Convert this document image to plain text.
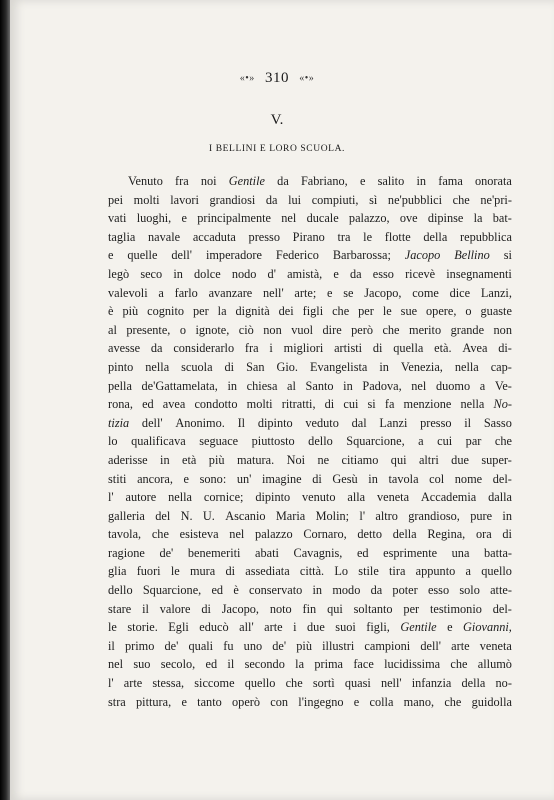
«•» 310 «•»
V.
I BELLINI E LORO SCUOLA.
Venuto fra noi Gentile da Fabriano, e salito in fama onorata
pei molti lavori grandiosi da lui compiuti, sì ne'pubblici che ne'pri-
vati luoghi, e principalmente nel ducale palazzo, ove dipinse la bat-
taglia navale accaduta presso Pirano tra le flotte della repubblica
e quelle dell' imperadore Federico Barbarossa; Jacopo Bellino si
legò seco in dolce nodo d' amistà, e da esso ricevè insegnamenti
valevoli a farlo avanzare nell' arte; e se Jacopo, come dice Lanzi,
è più cognito per la dignità dei figli che per le sue opere, o guaste
al presente, o ignote, ciò non vuol dire però che merito grande non
avesse da considerarlo fra i migliori artisti di quella età. Avea di-
pinto nella scuola di San Gio. Evangelista in Venezia, nella cap-
pella de'Gattamelata, in chiesa al Santo in Padova, nel duomo a Ve-
rona, ed avea condotto molti ritratti, di cui si fa menzione nella No-
tizia dell' Anonimo. Il dipinto veduto dal Lanzi presso il Sasso
lo qualificava seguace piuttosto dello Squarcione, a cui par che
aderisse in età più matura. Noi ne citiamo qui altri due super-
stiti ancora, e sono: un' imagine di Gesù in tavola col nome del-
l' autore nella cornice; dipinto venuto alla veneta Accademia dalla
galleria del N. U. Ascanio Maria Molin; l' altro grandioso, pure in
tavola, che esisteva nel palazzo Cornaro, detto della Regina, ora di
ragione de' benemeriti abati Cavagnis, ed esprimente una batta-
glia fuori le mura di assediata città. Lo stile tira appunto a quello
dello Squarcione, ed è conservato in modo da poter esso solo atte-
stare il valore di Jacopo, noto fin qui soltanto per testimonio del-
le storie. Egli educò all' arte i due suoi figli, Gentile e Giovanni,
il primo de' quali fu uno de' più illustri campioni dell' arte veneta
nel suo secolo, ed il secondo la prima face lucidissima che allumò
l' arte stessa, siccome quello che sortì quasi nell' infanzia della no-
stra pittura, e tanto operò con l'ingegno e colla mano, che guidolla
